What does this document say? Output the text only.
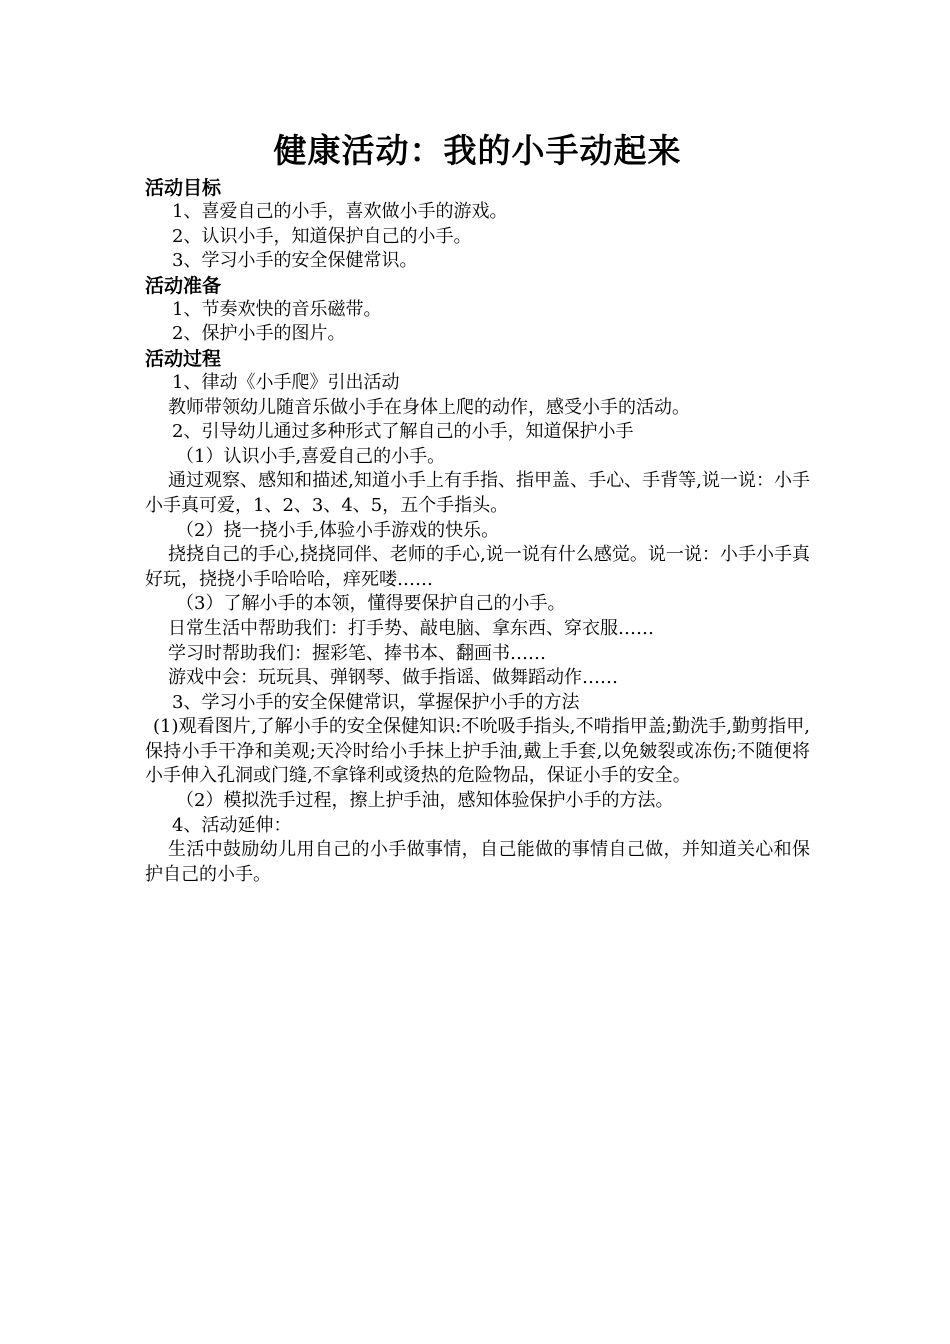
健康活动：我的小手动起来

活动目标

1、喜爱自己的小手，喜欢做小手的游戏。

2、认识小手，知道保护自己的小手。

3、学习小手的安全保健常识。

活动准备

1、节奏欢快的音乐磁带。

2、保护小手的图片。

活动过程

1、律动《小手爬》引出活动

教师带领幼儿随音乐做小手在身体上爬的动作，感受小手的活动。

2、引导幼儿通过多种形式了解自己的小手，知道保护小手

（1）认识小手,喜爱自己的小手。

通过观察、感知和描述,知道小手上有手指、指甲盖、手心、手背等,说一说：小手小手真可爱，1、2、3、4、5，五个手指头。

（2）挠一挠小手,体验小手游戏的快乐。

挠挠自己的手心,挠挠同伴、老师的手心,说一说有什么感觉。说一说：小手小手真好玩，挠挠小手哈哈哈，痒死喽……

（3）了解小手的本领，懂得要保护自己的小手。

日常生活中帮助我们：打手势、敲电脑、拿东西、穿衣服……

学习时帮助我们：握彩笔、捧书本、翻画书……

游戏中会：玩玩具、弹钢琴、做手指谣、做舞蹈动作……

3、学习小手的安全保健常识，掌握保护小手的方法

(1)观看图片,了解小手的安全保健知识:不吮吸手指头,不啃指甲盖;勤洗手,勤剪指甲,保持小手干净和美观;天冷时给小手抹上护手油,戴上手套,以免皴裂或冻伤;不随便将小手伸入孔洞或门缝,不拿锋利或烫热的危险物品，保证小手的安全。

（2）模拟洗手过程，擦上护手油，感知体验保护小手的方法。

4、活动延伸：

生活中鼓励幼儿用自己的小手做事情，自己能做的事情自己做，并知道关心和保护自己的小手。
